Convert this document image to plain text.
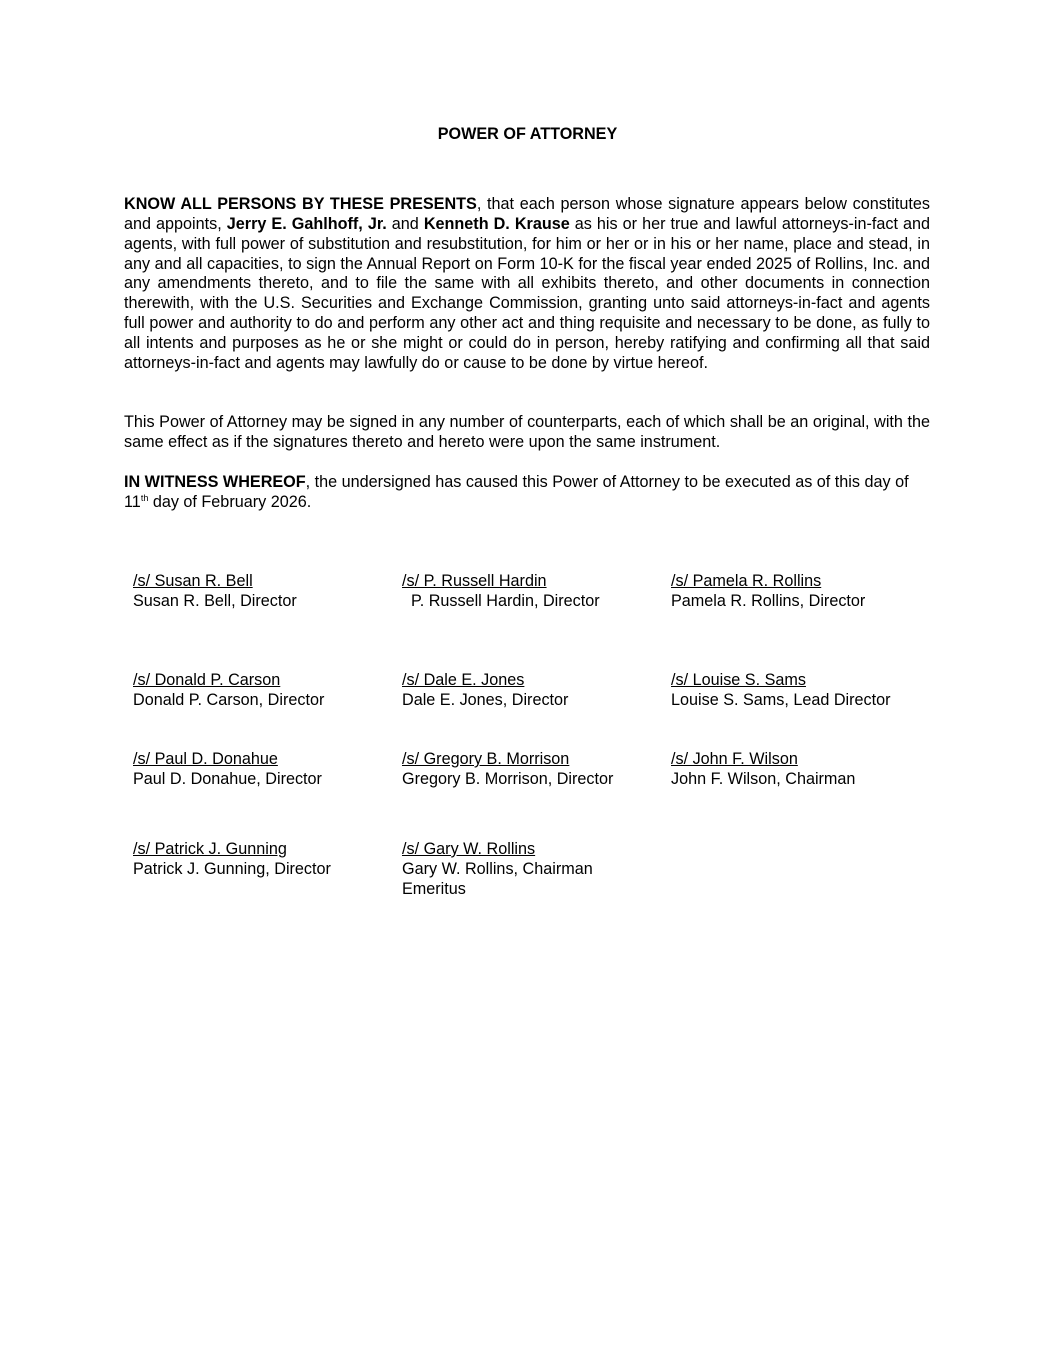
POWER OF ATTORNEY

KNOW ALL PERSONS BY THESE PRESENTS, that each person whose signature appears below constitutes and appoints, Jerry E. Gahlhoff, Jr. and Kenneth D. Krause as his or her true and lawful attorneys-in-fact and agents, with full power of substitution and resubstitution, for him or her or in his or her name, place and stead, in any and all capacities, to sign the Annual Report on Form 10-K for the fiscal year ended 2025 of Rollins, Inc. and any amendments thereto, and to file the same with all exhibits thereto, and other documents in connection therewith, with the U.S. Securities and Exchange Commission, granting unto said attorneys-in-fact and agents full power and authority to do and perform any other act and thing requisite and necessary to be done, as fully to all intents and purposes as he or she might or could do in person, hereby ratifying and confirming all that said attorneys-in-fact and agents may lawfully do or cause to be done by virtue hereof.

This Power of Attorney may be signed in any number of counterparts, each of which shall be an original, with the same effect as if the signatures thereto and hereto were upon the same instrument.

IN WITNESS WHEREOF, the undersigned has caused this Power of Attorney to be executed as of this day of 11th day of February 2026.

/s/ Susan R. Bell
Susan R. Bell, Director
/s/ P. Russell Hardin
P. Russell Hardin, Director
/s/ Pamela R. Rollins
Pamela R. Rollins, Director
/s/ Donald P. Carson
Donald P. Carson, Director
/s/ Dale E. Jones
Dale E. Jones, Director
/s/ Louise S. Sams
Louise S. Sams, Lead Director
/s/ Paul D. Donahue
Paul D. Donahue, Director
/s/ Gregory B. Morrison
Gregory B. Morrison, Director
/s/ John F. Wilson
John F. Wilson, Chairman
/s/ Patrick J. Gunning
Patrick J. Gunning, Director
/s/ Gary W. Rollins
Gary W. Rollins, Chairman
Emeritus
